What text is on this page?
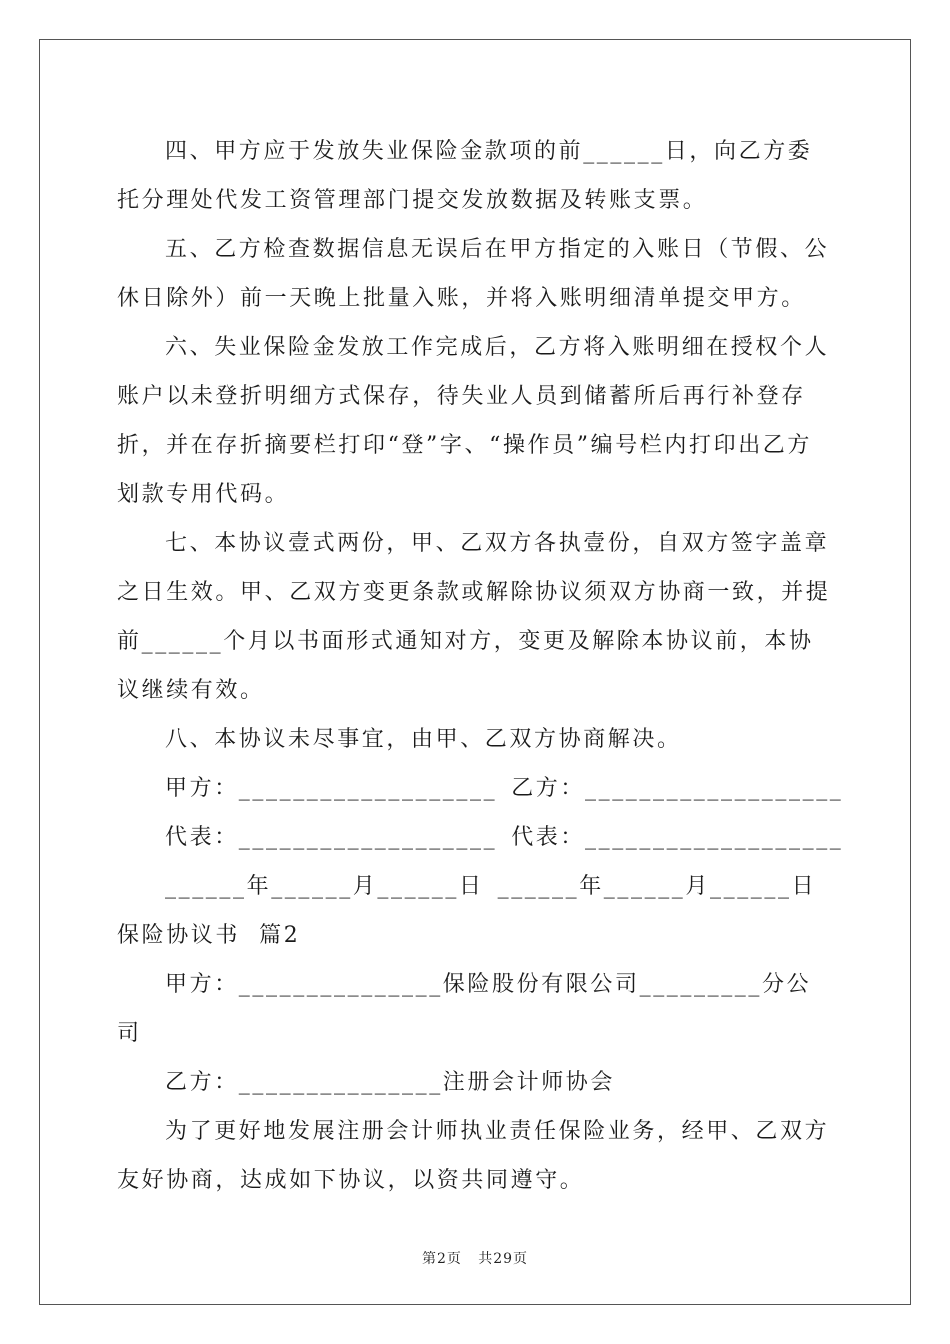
四、甲方应于发放失业保险金款项的前______日，向乙方委托分理处代发工资管理部门提交发放数据及转账支票。

五、乙方检查数据信息无误后在甲方指定的入账日（节假、公休日除外）前一天晚上批量入账，并将入账明细清单提交甲方。

六、失业保险金发放工作完成后，乙方将入账明细在授权个人账户以未登折明细方式保存，待失业人员到储蓄所后再行补登存折，并在存折摘要栏打印“登”字、“操作员”编号栏内打印出乙方划款专用代码。

七、本协议壹式两份，甲、乙双方各执壹份，自双方签字盖章之日生效。甲、乙双方变更条款或解除协议须双方协商一致，并提前______个月以书面形式通知对方，变更及解除本协议前，本协议继续有效。

八、本协议未尽事宜，由甲、乙双方协商解决。

甲方：___________________ 乙方：___________________
代表：___________________ 代表：___________________
______年______月______日 ______年______月______日

保险协议书  篇2

甲方：_______________保险股份有限公司_________分公司

乙方：_______________注册会计师协会

为了更好地发展注册会计师执业责任保险业务，经甲、乙双方友好协商，达成如下协议，以资共同遵守。

第2页   共29页
